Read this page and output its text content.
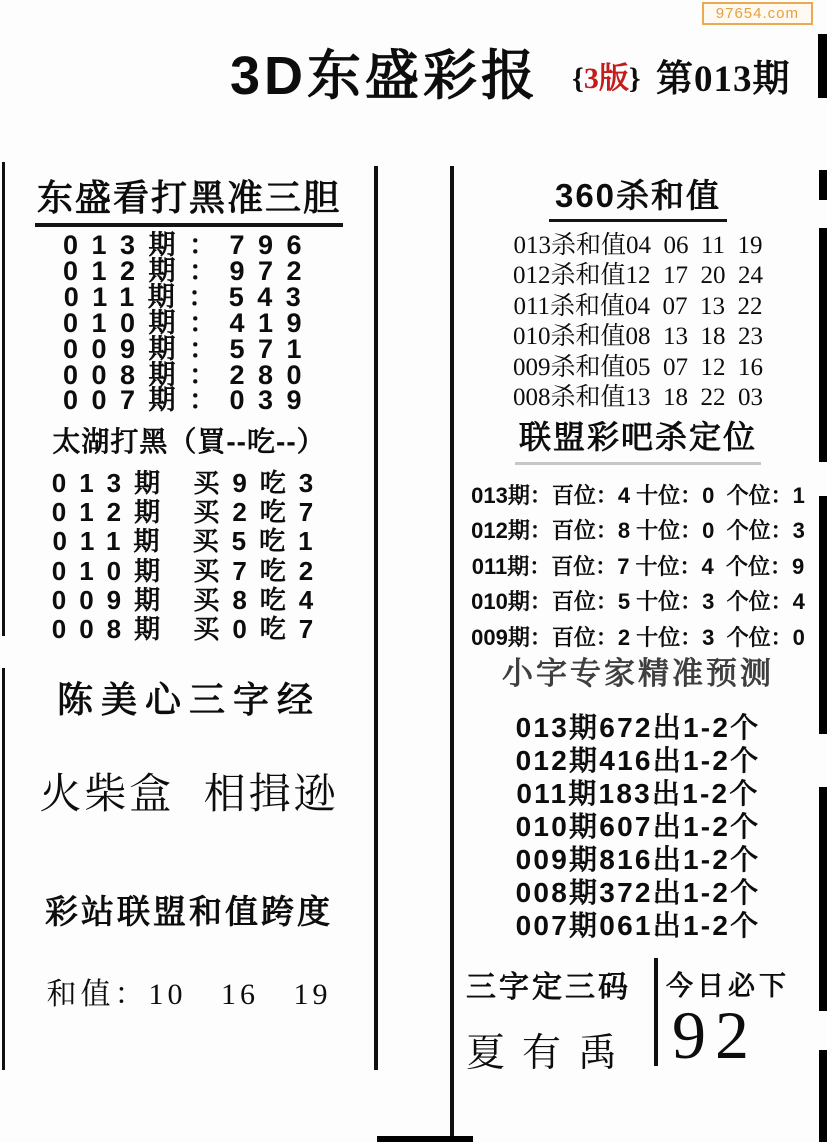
97654.com
3D东盛彩报 {3版} 第013期
东盛看打黑准三胆
013期：796
012期：972
011期：543
010期：419
009期：571
008期：280
007期：039
太湖打黑（買--吃--）
013期 买9吃3
012期 买2吃7
011期 买5吃1
010期 买7吃2
009期 买8吃4
008期 买0吃7
陈美心三字经
火柴盒  相揖逊
彩站联盟和值跨度
和值：10   16   19
360杀和值
013杀和值04  06  11  19
012杀和值12  17  20  24
011杀和值04  07  13  22
010杀和值08  13  18  23
009杀和值05  07  12  16
008杀和值13  18  22  03
联盟彩吧杀定位
013期：百位：4 十位：0  个位：1
012期：百位：8 十位：0  个位：3
011期：百位：7 十位：4  个位：9
010期：百位：5 十位：3  个位：4
009期：百位：2 十位：3  个位：0
小字专家精准预测
013期672出1-2个
012期416出1-2个
011期183出1-2个
010期607出1-2个
009期816出1-2个
008期372出1-2个
007期061出1-2个
三字定三码 今日必下
夏有禹 92
